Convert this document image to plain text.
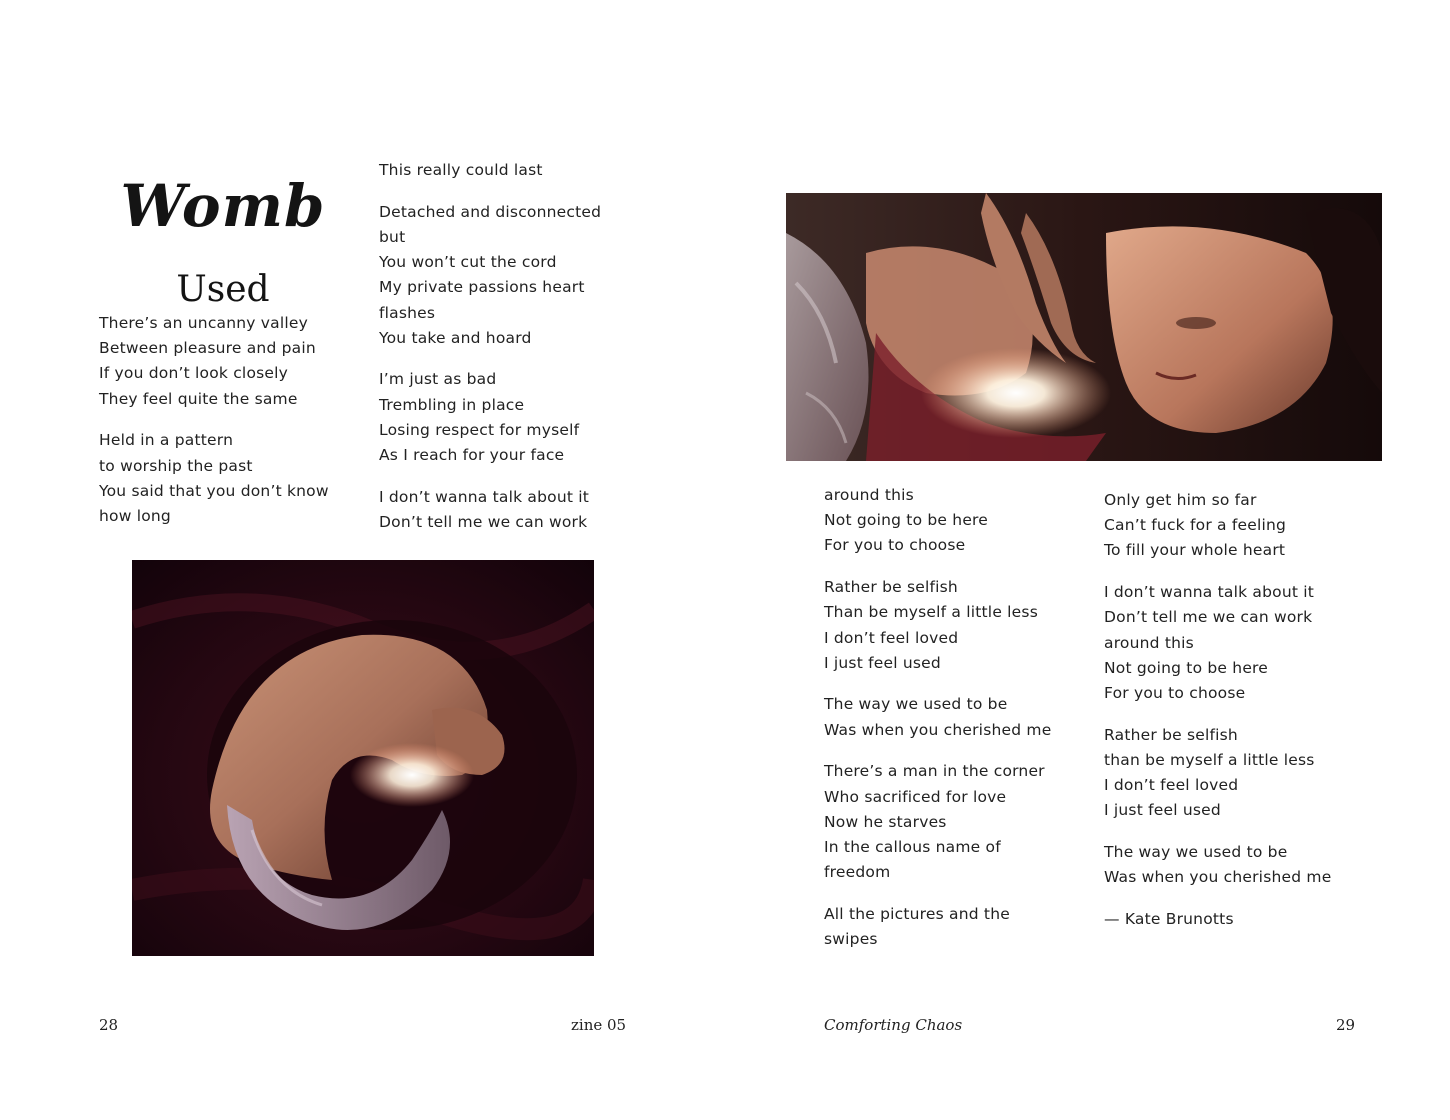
Womb
Used
There’s an uncanny valley
Between pleasure and pain
If you don’t look closely
They feel quite the same
Held in a pattern
to worship the past
You said that you don’t know
how long
This really could last
Detached and disconnected
but
You won’t cut the cord
My private passions heart
flashes
You take and hoard
I’m just as bad
Trembling in place
Losing respect for myself
As I reach for your face
I don’t wanna talk about it
Don’t tell me we can work
28	zine 05
around this
Not going to be here
For you to choose
Rather be selfish
Than be myself a little less
I don’t feel loved
I just feel used
The way we used to be
Was when you cherished me
There’s a man in the corner
Who sacrificed for love
Now he starves
In the callous name of
freedom
All the pictures and the
swipes
Only get him so far
Can’t fuck for a feeling
To fill your whole heart
I don’t wanna talk about it
Don’t tell me we can work
around this
Not going to be here
For you to choose
Rather be selfish
than be myself a little less
I don’t feel loved
I just feel used
The way we used to be
Was when you cherished me
— Kate Brunotts
Comforting Chaos	29
